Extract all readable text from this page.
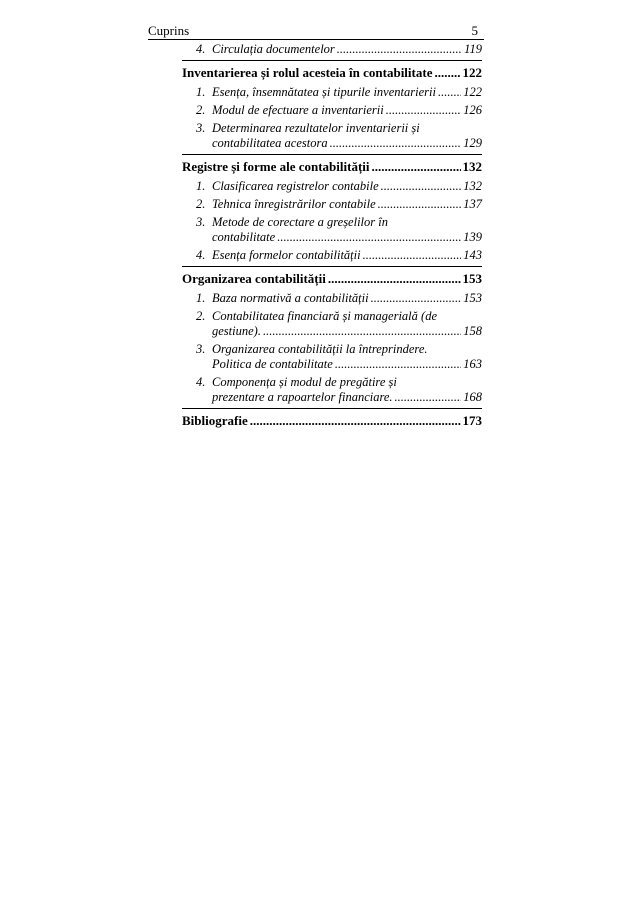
Cuprins	5
4. Circulația documentelor .....	119
Inventarierea și rolul acesteia în contabilitate ..... 122
1. Esența, însemnătatea și tipurile inventarierii ..... 122
2. Modul de efectuare a inventarierii .....	126
3. Determinarea rezultatelor inventarierii și
contabilitatea acestora .....	129
Registre și forme ale contabilității .....	132
1. Clasificarea registrelor contabile .....	132
2. Tehnica înregistrărilor contabile .....	137
3. Metode de corectare a greșelilor în
contabilitate .....	139
4. Esența formelor contabilității .....	143
Organizarea contabilității .....	153
1. Baza normativă a contabilității .....	153
2. Contabilitatea financiară și managerială (de
gestiune). .....	158
3. Organizarea contabilității la întreprindere.
Politica de contabilitate .....	163
4. Componența și modul de pregătire și
prezentare a rapoartelor financiare. .....	168
Bibliografie .....	173
